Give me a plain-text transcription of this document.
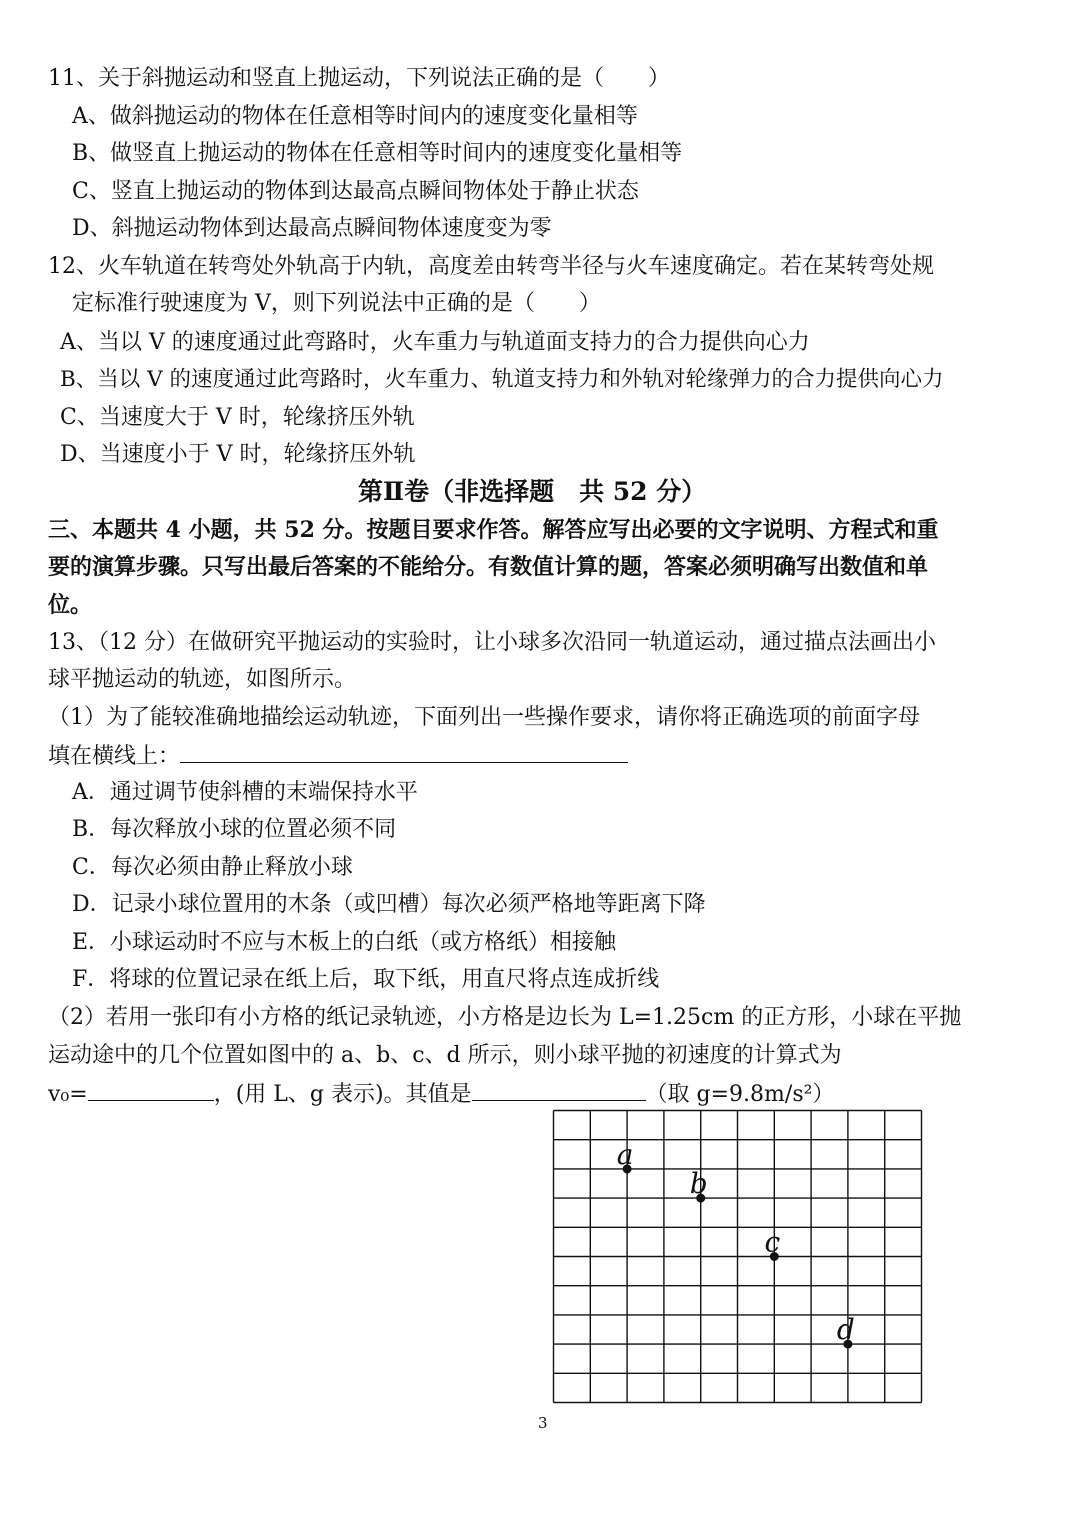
11、关于斜抛运动和竖直上抛运动，下列说法正确的是（　　）
A、做斜抛运动的物体在任意相等时间内的速度变化量相等
B、做竖直上抛运动的物体在任意相等时间内的速度变化量相等
C、竖直上抛运动的物体到达最高点瞬间物体处于静止状态
D、斜抛运动物体到达最高点瞬间物体速度变为零
12、火车轨道在转弯处外轨高于内轨，高度差由转弯半径与火车速度确定。若在某转弯处规
定标准行驶速度为 V，则下列说法中正确的是（　　）
A、当以 V 的速度通过此弯路时，火车重力与轨道面支持力的合力提供向心力
B、当以 V 的速度通过此弯路时，火车重力、轨道支持力和外轨对轮缘弹力的合力提供向心力
C、当速度大于 V 时，轮缘挤压外轨
D、当速度小于 V 时，轮缘挤压外轨
第Ⅱ卷（非选择题　共 52 分）
三、本题共 4 小题，共 52 分。按题目要求作答。解答应写出必要的文字说明、方程式和重
要的演算步骤。只写出最后答案的不能给分。有数值计算的题，答案必须明确写出数值和单
位。
13、（12 分）在做研究平抛运动的实验时，让小球多次沿同一轨道运动，通过描点法画出小
球平抛运动的轨迹，如图所示。
（1）为了能较准确地描绘运动轨迹，下面列出一些操作要求，请你将正确选项的前面字母
填在横线上：
A．通过调节使斜槽的末端保持水平
B．每次释放小球的位置必须不同
C．每次必须由静止释放小球
D．记录小球位置用的木条（或凹槽）每次必须严格地等距离下降
E．小球运动时不应与木板上的白纸（或方格纸）相接触
F．将球的位置记录在纸上后，取下纸，用直尺将点连成折线
（2）若用一张印有小方格的纸记录轨迹，小方格是边长为 L=1.25cm 的正方形，小球在平抛
运动途中的几个位置如图中的 a、b、c、d 所示，则小球平抛的初速度的计算式为
v₀=	，(用 L、g 表示)。其值是	（取 g=9.8m/s²）
a
b
c
d
3
